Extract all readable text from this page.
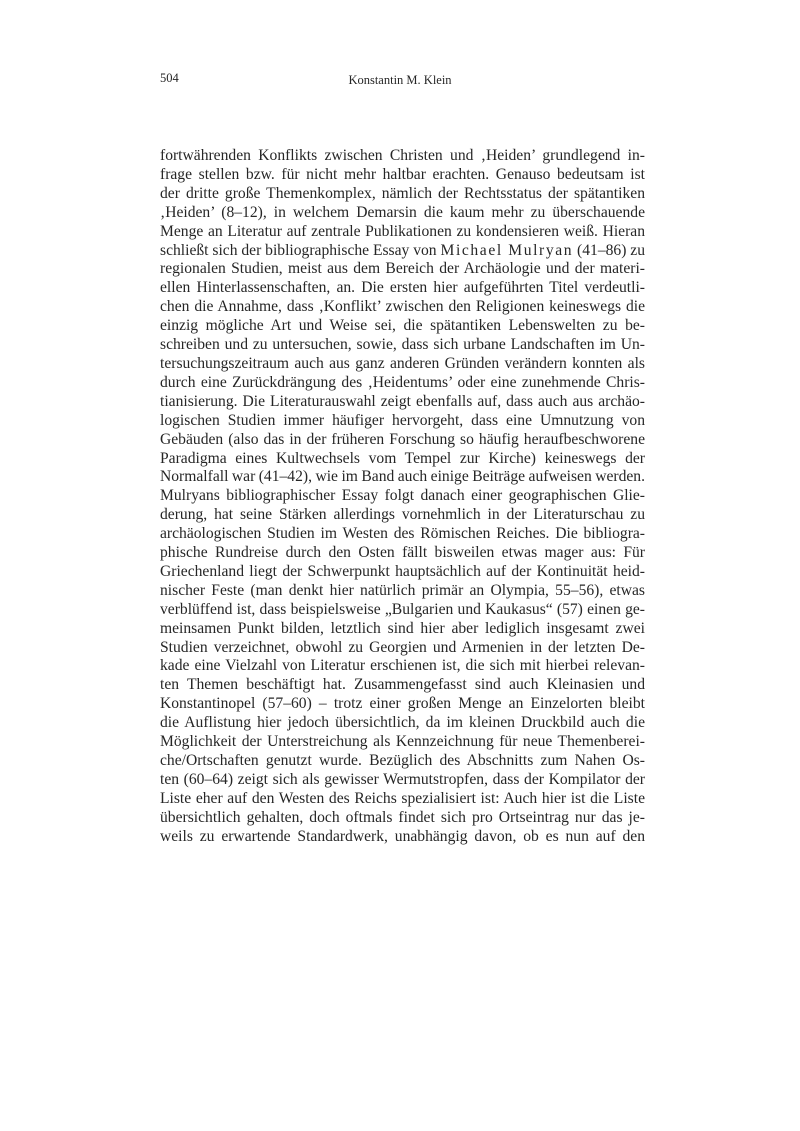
504	Konstantin M. Klein
fortwährenden Konflikts zwischen Christen und ‚Heiden’ grundlegend in-
frage stellen bzw. für nicht mehr haltbar erachten. Genauso bedeutsam ist
der dritte große Themenkomplex, nämlich der Rechtsstatus der spätantiken
‚Heiden’ (8–12), in welchem Demarsin die kaum mehr zu überschauende
Menge an Literatur auf zentrale Publikationen zu kondensieren weiß. Hieran
schließt sich der bibliographische Essay von Michael Mulryan (41–86) zu
regionalen Studien, meist aus dem Bereich der Archäologie und der materi-
ellen Hinterlassenschaften, an. Die ersten hier aufgeführten Titel verdeutli-
chen die Annahme, dass ‚Konflikt’ zwischen den Religionen keineswegs die
einzig mögliche Art und Weise sei, die spätantiken Lebenswelten zu be-
schreiben und zu untersuchen, sowie, dass sich urbane Landschaften im Un-
tersuchungszeitraum auch aus ganz anderen Gründen verändern konnten als
durch eine Zurückdrängung des ‚Heidentums’ oder eine zunehmende Chris-
tianisierung. Die Literaturauswahl zeigt ebenfalls auf, dass auch aus archäo-
logischen Studien immer häufiger hervorgeht, dass eine Umnutzung von
Gebäuden (also das in der früheren Forschung so häufig heraufbeschworene
Paradigma eines Kultwechsels vom Tempel zur Kirche) keineswegs der
Normalfall war (41–42), wie im Band auch einige Beiträge aufweisen werden.
Mulryans bibliographischer Essay folgt danach einer geographischen Glie-
derung, hat seine Stärken allerdings vornehmlich in der Literaturschau zu
archäologischen Studien im Westen des Römischen Reiches. Die bibliogra-
phische Rundreise durch den Osten fällt bisweilen etwas mager aus: Für
Griechenland liegt der Schwerpunkt hauptsächlich auf der Kontinuität heid-
nischer Feste (man denkt hier natürlich primär an Olympia, 55–56), etwas
verblüffend ist, dass beispielsweise „Bulgarien und Kaukasus“ (57) einen ge-
meinsamen Punkt bilden, letztlich sind hier aber lediglich insgesamt zwei
Studien verzeichnet, obwohl zu Georgien und Armenien in der letzten De-
kade eine Vielzahl von Literatur erschienen ist, die sich mit hierbei relevan-
ten Themen beschäftigt hat. Zusammengefasst sind auch Kleinasien und
Konstantinopel (57–60) – trotz einer großen Menge an Einzelorten bleibt
die Auflistung hier jedoch übersichtlich, da im kleinen Druckbild auch die
Möglichkeit der Unterstreichung als Kennzeichnung für neue Themenberei-
che/Ortschaften genutzt wurde. Bezüglich des Abschnitts zum Nahen Os-
ten (60–64) zeigt sich als gewisser Wermutstropfen, dass der Kompilator der
Liste eher auf den Westen des Reichs spezialisiert ist: Auch hier ist die Liste
übersichtlich gehalten, doch oftmals findet sich pro Ortseintrag nur das je-
weils zu erwartende Standardwerk, unabhängig davon, ob es nun auf den
